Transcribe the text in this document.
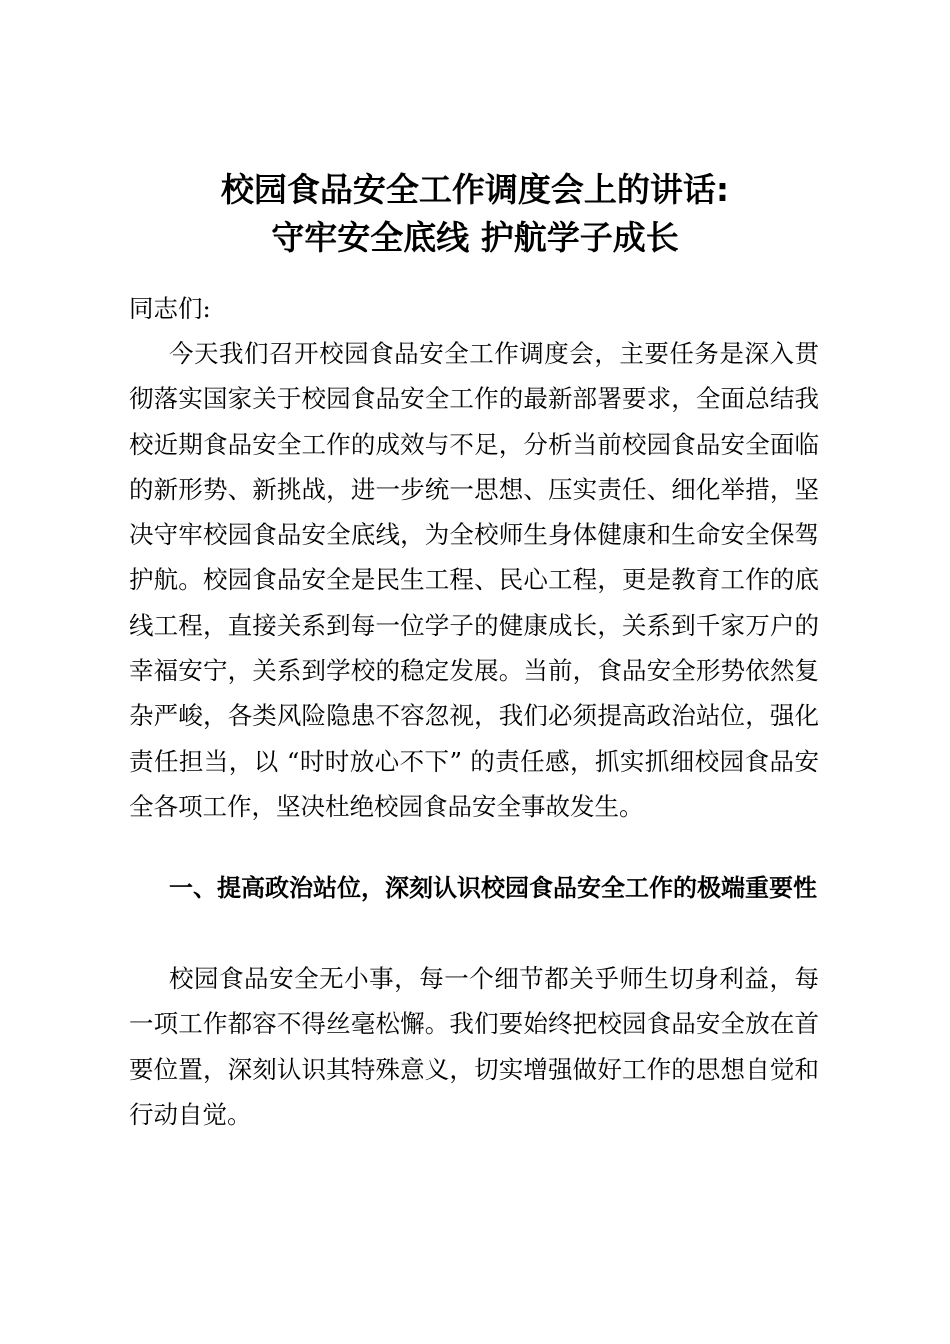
校园食品安全工作调度会上的讲话:
守牢安全底线 护航学子成长

同志们:

今天我们召开校园食品安全工作调度会，主要任务是深入贯彻落实国家关于校园食品安全工作的最新部署要求，全面总结我校近期食品安全工作的成效与不足，分析当前校园食品安全面临的新形势、新挑战，进一步统一思想、压实责任、细化举措，坚决守牢校园食品安全底线，为全校师生身体健康和生命安全保驾护航。校园食品安全是民生工程、民心工程，更是教育工作的底线工程，直接关系到每一位学子的健康成长，关系到千家万户的幸福安宁，关系到学校的稳定发展。当前，食品安全形势依然复杂严峻，各类风险隐患不容忽视，我们必须提高政治站位，强化责任担当，以 “时时放心不下” 的责任感，抓实抓细校园食品安全各项工作，坚决杜绝校园食品安全事故发生。

一、提高政治站位，深刻认识校园食品安全工作的极端重要性

校园食品安全无小事，每一个细节都关乎师生切身利益，每一项工作都容不得丝毫松懈。我们要始终把校园食品安全放在首要位置，深刻认识其特殊意义，切实增强做好工作的思想自觉和行动自觉。
